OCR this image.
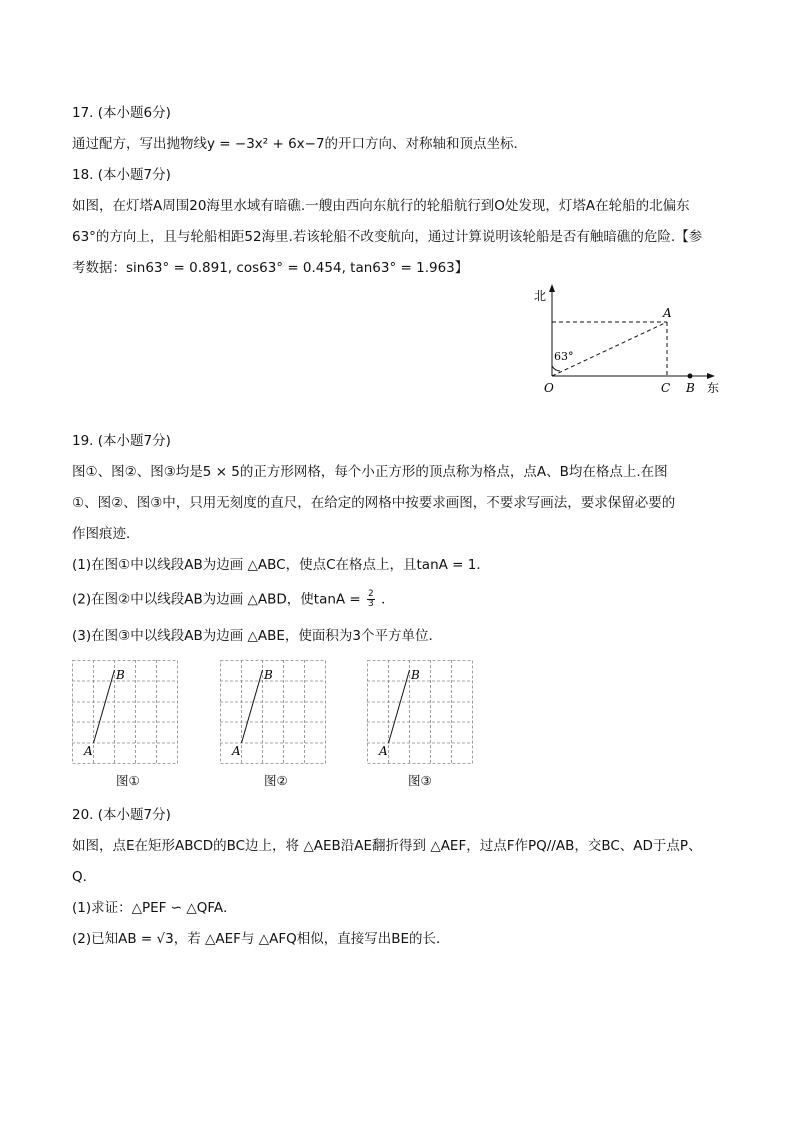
17. (本小题6分)
通过配方，写出抛物线y = −3x² + 6x−7的开口方向、对称轴和顶点坐标．
18. (本小题7分)
如图，在灯塔A周围20海里水域有暗礁.一艘由西向东航行的轮船航行到O处发现，灯塔A在轮船的北偏东
63°的方向上，且与轮船相距52海里.若该轮船不改变航向，通过计算说明该轮船是否有触暗礁的危险.【参
考数据：sin63° = 0.891, cos63° = 0.454, tan63° = 1.963】
北
东
A
O	C B
63°
19. (本小题7分)
图①、图②、图③均是5 × 5的正方形网格，每个小正方形的顶点称为格点，点A、B均在格点上.在图
①、图②、图③中，只用无刻度的直尺，在给定的网格中按要求画图，不要求写画法，要求保留必要的
作图痕迹．
(1)在图①中以线段AB为边画 △ABC，使点C在格点上，且tanA = 1．
(2)在图②中以线段AB为边画 △ABD，使$\tan A = \frac{2}{3}$ ．
(3)在图③中以线段AB为边画 △ABE，使面积为3个平方单位．
A
B
图①
A
B
图②
A
B
图③
20. (本小题7分)
如图，点E在矩形ABCD的BC边上，将 △AEB沿AE翻折得到 △AEF，过点F作PQ//AB，交BC、AD于点P、
Q．
(1)求证：△PEF ∽ △QFA．
(2)已知AB = √3，若 △AEF与 △AFQ相似，直接写出BE的长．
